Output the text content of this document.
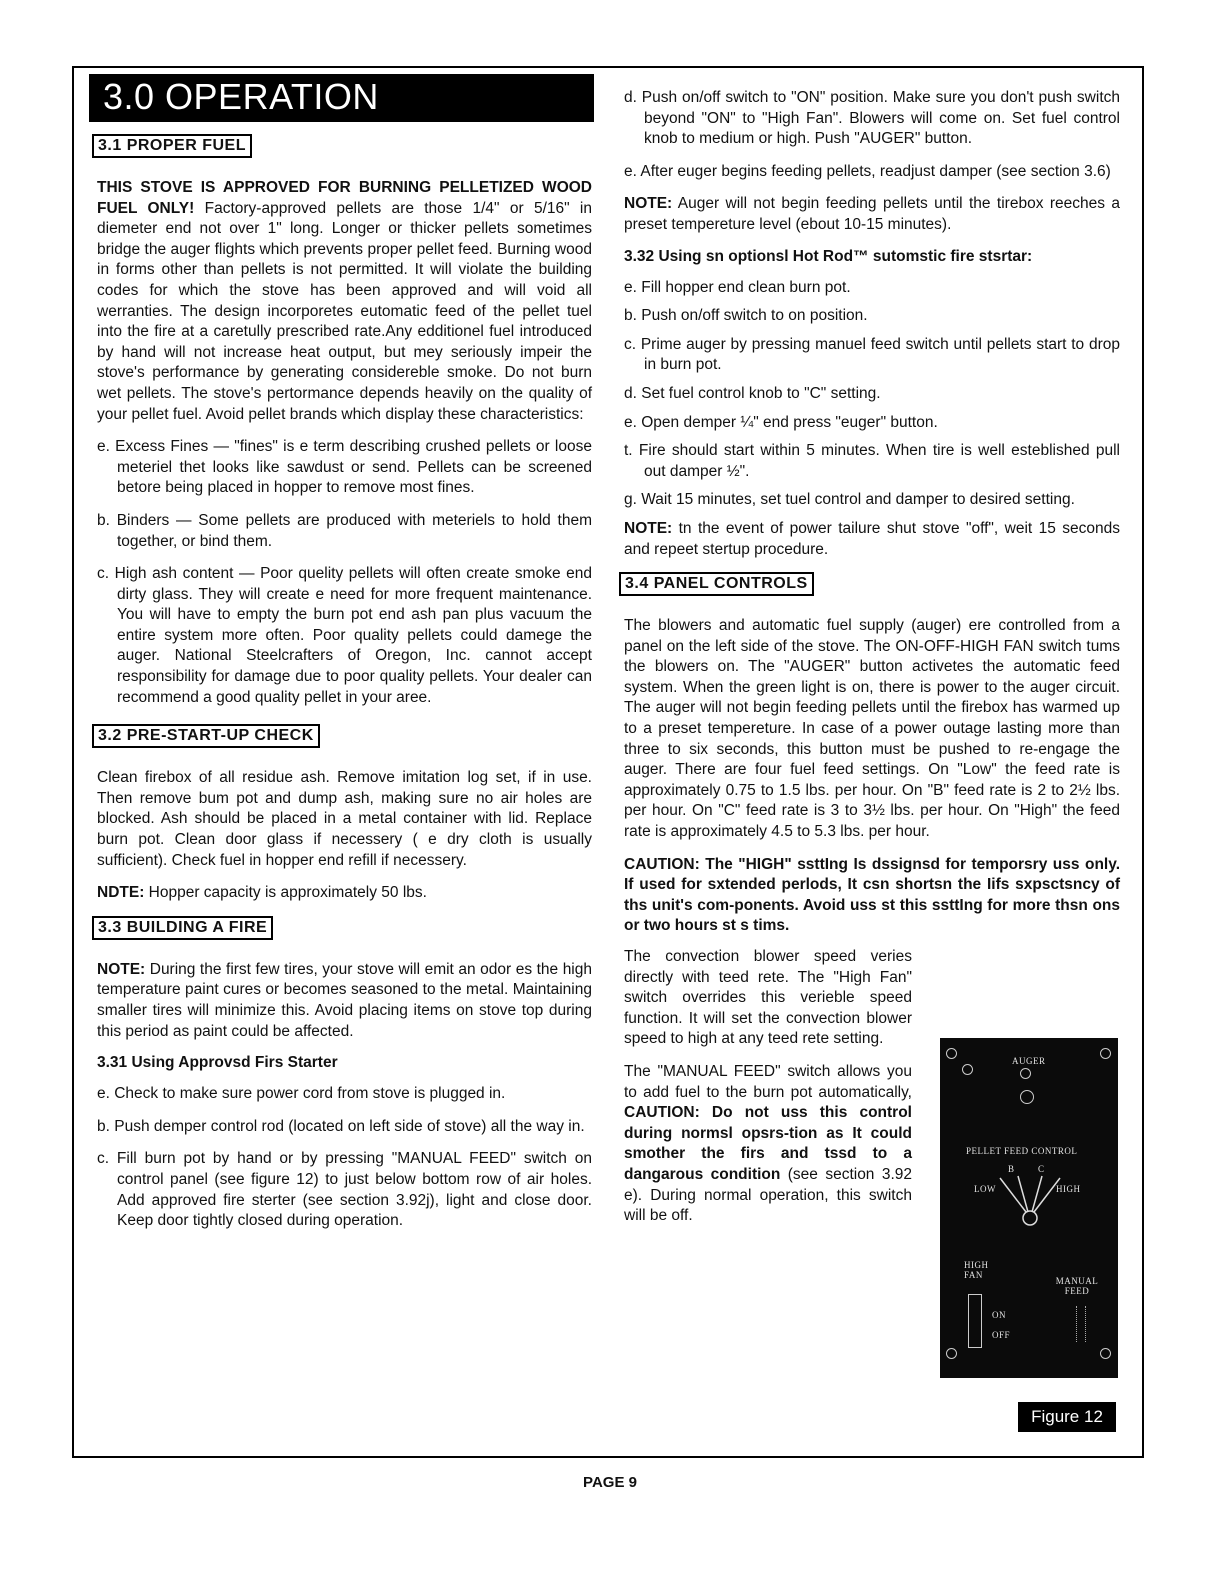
3.0 OPERATION
3.1 PROPER FUEL

THIS STOVE IS APPROVED FOR BURNING PELLETIZED WOOD FUEL ONLY! Factory-approved pellets are those 1/4" or 5/16" in diemeter end not over 1" long. Longer or thicker pellets sometimes bridge the auger flights which prevents proper pellet feed. Burning wood in forms other than pellets is not permitted. It will violate the building codes for which the stove has been approved and will void all werranties. The design incorporetes eutomatic feed of the pellet tuel into the fire at a caretully prescribed rate.Any edditionel fuel introduced by hand will not increase heat output, but mey seriously impeir the stove's performance by generating considereble smoke. Do not burn wet pellets. The stove's pertormance depends heavily on the quality of your pellet fuel. Avoid pellet brands which display these characteristics:

e. Excess Fines — "fines" is e term describing crushed pellets or loose meteriel thet looks like sawdust or send. Pellets can be screened betore being placed in hopper to remove most fines.

b. Binders — Some pellets are produced with meteriels to hold them together, or bind them.

c. High ash content — Poor quelity pellets will often create smoke end dirty glass. They will create e need for more frequent maintenance. You will have to empty the burn pot end ash pan plus vacuum the entire system more often. Poor quality pellets could damege the auger. National Steelcrafters of Oregon, Inc. cannot accept responsibility for damage due to poor quality pellets. Your dealer can recommend a good quality pellet in your aree.

3.2 PRE-START-UP CHECK

Clean firebox of all residue ash. Remove imitation log set, if in use. Then remove bum pot and dump ash, making sure no air holes are blocked. Ash should be placed in a metal container with lid. Replace burn pot. Clean door glass if necessery ( e dry cloth is usually sufficient). Check fuel in hopper end refill if necessery.

NDTE: Hopper capacity is approximately 50 lbs.

3.3 BUILDING A FIRE

NOTE: During the first few tires, your stove will emit an odor es the high temperature paint cures or becomes seasoned to the metal. Maintaining smaller tires will minimize this. Avoid placing items on stove top during this period as paint could be affected.

3.31 Using Approvsd Firs Starter

e. Check to make sure power cord from stove is plugged in.

b. Push demper control rod (located on left side of stove) all the way in.

c. Fill burn pot by hand or by pressing "MANUAL FEED" switch on control panel (see figure 12) to just below bottom row of air holes. Add approved fire sterter (see section 3.92j), light and close door. Keep door tightly closed during operation.

d. Push on/off switch to "ON" position. Make sure you don't push switch beyond "ON" to "High Fan". Blowers will come on. Set fuel control knob to medium or high. Push "AUGER" button.

e. After euger begins feeding pellets, readjust damper (see section 3.6)

NOTE: Auger will not begin feeding pellets until the tirebox reeches a preset tempereture level (ebout 10-15 minutes).

3.32 Using sn optionsl Hot Rod™ sutomstic fire stsrtar:

e. Fill hopper end clean burn pot.

b. Push on/off switch to on position.

c. Prime auger by pressing manuel feed switch until pellets start to drop in burn pot.

d. Set fuel control knob to "C" setting.

e. Open demper ¼" end press "euger" button.

t. Fire should start within 5 minutes. When tire is well esteblished pull out damper ½".

g. Wait 15 minutes, set tuel control and damper to desired setting.

NOTE: tn the event of power tailure shut stove "off", weit 15 seconds and repeet stertup procedure.

3.4 PANEL CONTROLS

The blowers and automatic fuel supply (auger) ere controlled from a panel on the left side of the stove. The ON-OFF-HIGH FAN switch tums the blowers on. The "AUGER" button activetes the automatic feed system. When the green light is on, there is power to the auger circuit. The auger will not begin feeding pellets until the firebox has warmed up to a preset tempereture. In case of a power outage lasting more than three to six seconds, this button must be pushed to re-engage the auger. There are four fuel feed settings. On "Low" the feed rate is approximately 0.75 to 1.5 lbs. per hour. On "B" feed rate is 2 to 2½ lbs. per hour. On "C" feed rate is 3 to 3½ lbs. per hour. On "High" the feed rate is approximately 4.5 to 5.3 lbs. per hour.

CAUTION: The "HIGH" ssttIng Is dssignsd for temporsry uss only. If used for sxtended perlods, It csn shortsn the Iifs sxpsctsncy of ths unit's com-ponents. Avoid uss st this ssttIng for more thsn ons or two hours st s tims.

The convection blower speed veries directly with teed rete. The "High Fan" switch overrides this verieble speed function. It will set the convection blower speed to high at any teed rete setting.

The "MANUAL FEED" switch allows you to add fuel to the burn pot automatically, CAUTION: Do not uss this control during normsl opsrs-tion as It could smother the firs and tssd to a dangarous condition (see section 3.92 e). During normal operation, this switch will be off.

AUGER
PELLET FEED CONTROL
B	C
LOW	HIGH
HIGH FAN
MANUAL FEED
ON
OFF
Figure 12
PAGE 9
